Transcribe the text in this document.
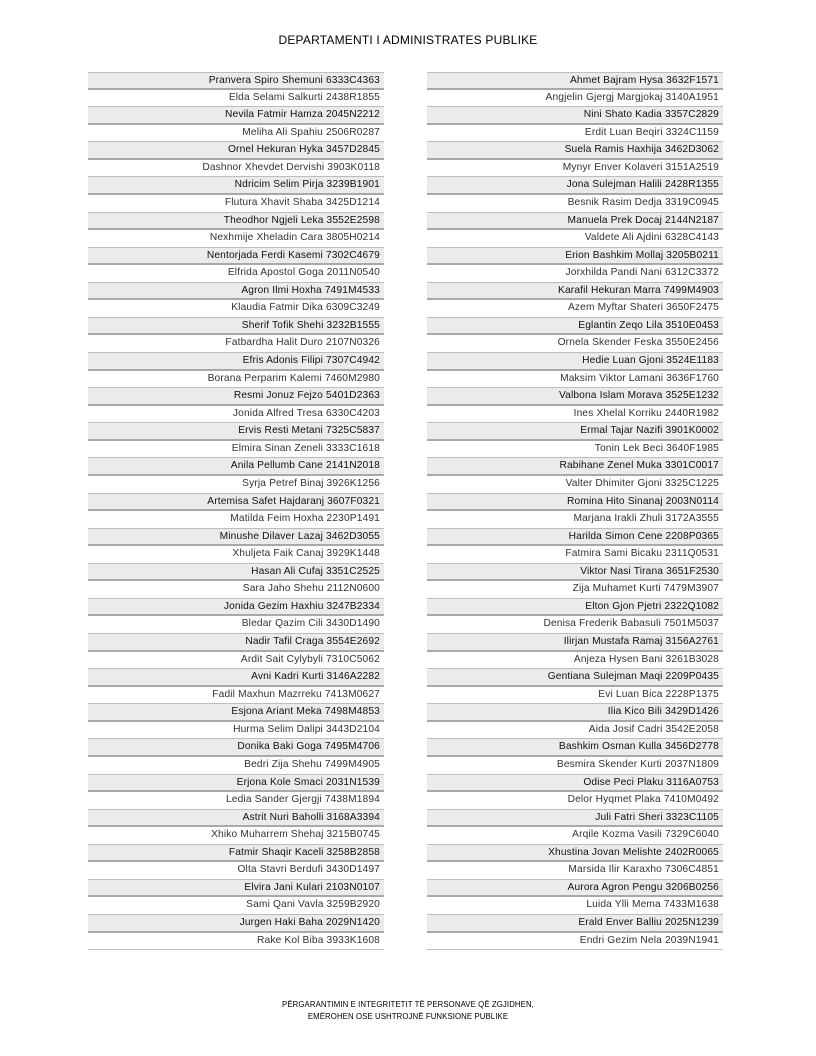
DEPARTAMENTI I ADMINISTRATES PUBLIKE
Pranvera Spiro Shemuni 6333C4363
Elda Selami Salkurti 2438R1855
Nevila Fatmir Hamza 2045N2212
Meliha Ali Spahiu 2506R0287
Ornel Hekuran Hyka 3457D2845
Dashnor Xhevdet Dervishi 3903K0118
Ndricim Selim Pirja 3239B1901
Flutura Xhavit Shaba 3425D1214
Theodhor Ngjeli Leka 3552E2598
Nexhmije Xheladin Cara 3805H0214
Nentorjada Ferdi Kasemi 7302C4679
Elfrida Apostol Goga 2011N0540
Agron Ilmi Hoxha 7491M4533
Klaudia Fatmir Dika 6309C3249
Sherif Tofik Shehi 3232B1555
Fatbardha Halit Duro 2107N0326
Efris Adonis Filipi 7307C4942
Borana Perparim Kalemi 7460M2980
Resmi Jonuz Fejzo 5401D2363
Jonida Alfred Tresa 6330C4203
Ervis Resti Metani 7325C5837
Elmira Sinan Zeneli 3333C1618
Anila Pellumb Cane 2141N2018
Syrja Petref Binaj 3926K1256
Artemisa Safet Hajdaranj 3607F0321
Matilda Feim Hoxha 2230P1491
Minushe Dilaver Lazaj 3462D3055
Xhuljeta Faik Canaj 3929K1448
Hasan Ali Cufaj 3351C2525
Sara Jaho Shehu 2112N0600
Jonida Gezim Haxhiu 3247B2334
Bledar Qazim Cili 3430D1490
Nadir Tafil Craga 3554E2692
Ardit Sait Cylybyli 7310C5062
Avni Kadri Kurti 3146A2282
Fadil Maxhun Mazrreku 7413M0627
Esjona Ariant Meka 7498M4853
Hurma Selim Dalipi 3443D2104
Donika Baki Goga 7495M4706
Bedri Zija Shehu 7499M4905
Erjona Kole Smaci 2031N1539
Ledia Sander Gjergji 7438M1894
Astrit Nuri Baholli 3168A3394
Xhiko Muharrem Shehaj 3215B0745
Fatmir Shaqir Kaceli 3258B2858
Olta Stavri Berdufi 3430D1497
Elvira Jani Kulari 2103N0107
Sami Qani Vavla 3259B2920
Jurgen Haki Baha 2029N1420
Rake Kol Biba 3933K1608
Ahmet Bajram Hysa 3632F1571
Angjelin Gjergj Margjokaj 3140A1951
Nini Shato Kadia 3357C2829
Erdit Luan Beqiri 3324C1159
Suela Ramis Haxhija 3462D3062
Mynyr Enver Kolaveri 3151A2519
Jona Sulejman Halili 2428R1355
Besnik Rasim Dedja 3319C0945
Manuela Prek Docaj 2144N2187
Valdete Ali Ajdini 6328C4143
Erion Bashkim Mollaj 3205B0211
Jorxhilda Pandi Nani 6312C3372
Karafil Hekuran Marra 7499M4903
Azem Myftar Shateri 3650F2475
Eglantin Zeqo Lila 3510E0453
Ornela Skender Feska 3550E2456
Hedie Luan Gjoni 3524E1183
Maksim Viktor Lamani 3636F1760
Valbona Islam Morava 3525E1232
Ines Xhelal Korriku 2440R1982
Ermal Tajar Nazifi 3901K0002
Tonin Lek Beci 3640F1985
Rabihane Zenel Muka 3301C0017
Valter Dhimiter Gjoni 3325C1225
Romina Hito Sinanaj 2003N0114
Marjana Irakli Zhuli 3172A3555
Harilda Simon Cene 2208P0365
Fatmira Sami Bicaku 2311Q0531
Viktor Nasi Tirana 3651F2530
Zija Muhamet Kurti 7479M3907
Elton Gjon Pjetri 2322Q1082
Denisa Frederik Babasuli 7501M5037
Ilirjan Mustafa Ramaj 3156A2761
Anjeza Hysen Bani 3261B3028
Gentiana Sulejman Maqi 2209P0435
Evi Luan Bica 2228P1375
Ilia Kico Bili 3429D1426
Aida Josif Cadri 3542E2058
Bashkim Osman Kulla 3456D2778
Besmira Skender Kurti 2037N1809
Odise Peci Plaku 3116A0753
Delor Hyqmet Plaka 7410M0492
Juli Fatri Sheri 3323C1105
Arqile Kozma Vasili 7329C6040
Xhustina Jovan Melishte 2402R0065
Marsida Ilir Karaxho 7306C4851
Aurora Agron Pengu 3206B0256
Luida Ylli Mema 7433M1638
Erald Enver Balliu 2025N1239
Endri Gezim Nela 2039N1941
PËRGARANTIMIN E INTEGRITETIT TË PERSONAVE QË ZGJIDHEN,
EMËROHEN OSE USHTROJNË FUNKSIONE PUBLIKE
